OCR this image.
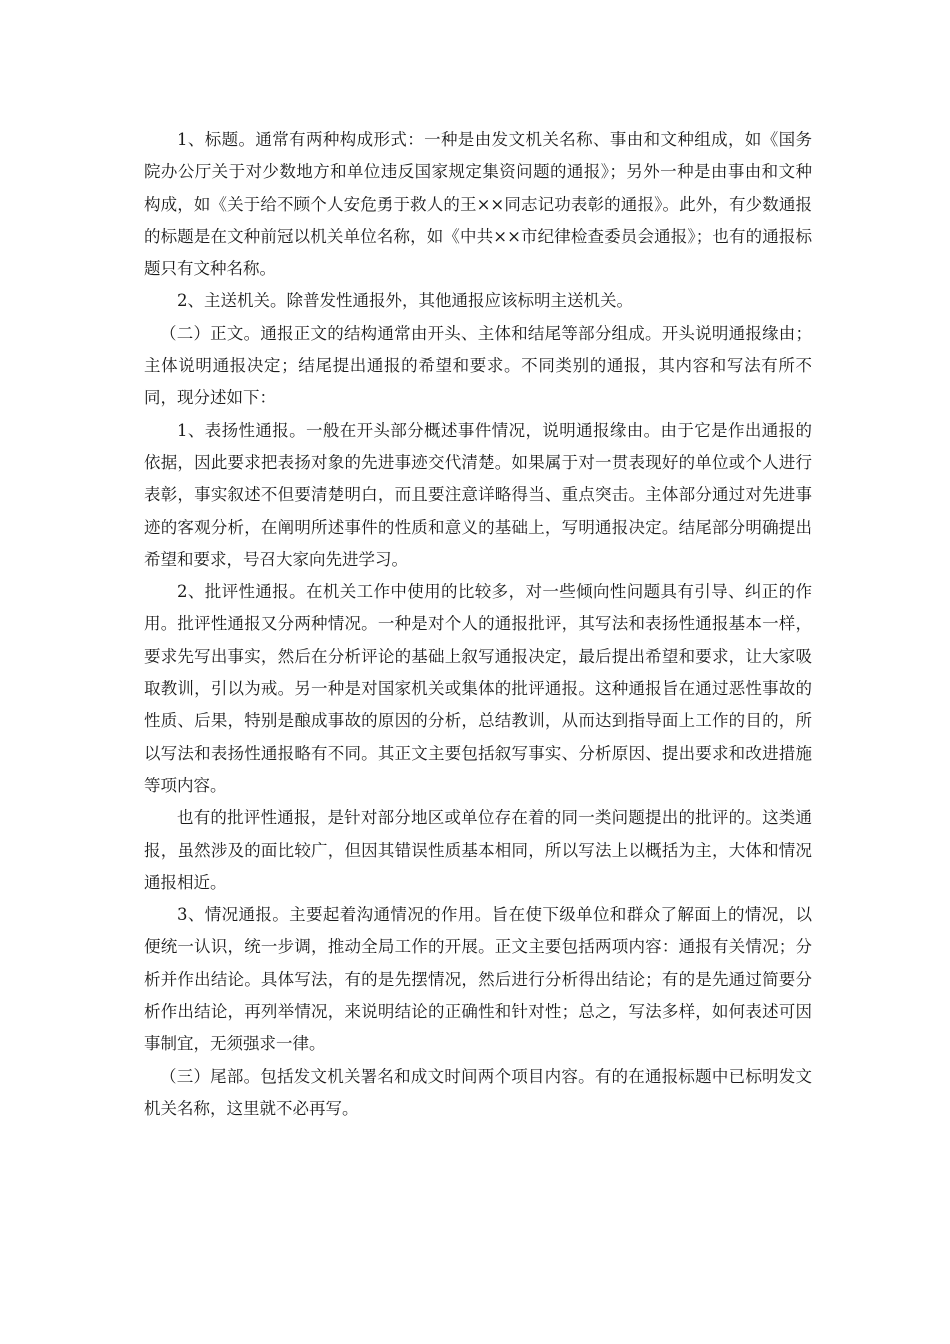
1、标题。通常有两种构成形式：一种是由发文机关名称、事由和文种组成，如《国务院办公厅关于对少数地方和单位违反国家规定集资问题的通报》；另外一种是由事由和文种构成，如《关于给不顾个人安危勇于救人的王××同志记功表彰的通报》。此外，有少数通报的标题是在文种前冠以机关单位名称，如《中共××市纪律检查委员会通报》；也有的通报标题只有文种名称。

2、主送机关。除普发性通报外，其他通报应该标明主送机关。

（二）正文。通报正文的结构通常由开头、主体和结尾等部分组成。开头说明通报缘由；主体说明通报决定；结尾提出通报的希望和要求。不同类别的通报，其内容和写法有所不同，现分述如下：

1、表扬性通报。一般在开头部分概述事件情况，说明通报缘由。由于它是作出通报的依据，因此要求把表扬对象的先进事迹交代清楚。如果属于对一贯表现好的单位或个人进行表彰，事实叙述不但要清楚明白，而且要注意详略得当、重点突击。主体部分通过对先进事迹的客观分析，在阐明所述事件的性质和意义的基础上，写明通报决定。结尾部分明确提出希望和要求，号召大家向先进学习。

2、批评性通报。在机关工作中使用的比较多，对一些倾向性问题具有引导、纠正的作用。批评性通报又分两种情况。一种是对个人的通报批评，其写法和表扬性通报基本一样，要求先写出事实，然后在分析评论的基础上叙写通报决定，最后提出希望和要求，让大家吸取教训，引以为戒。另一种是对国家机关或集体的批评通报。这种通报旨在通过恶性事故的性质、后果，特别是酿成事故的原因的分析，总结教训，从而达到指导面上工作的目的，所以写法和表扬性通报略有不同。其正文主要包括叙写事实、分析原因、提出要求和改进措施等项内容。

也有的批评性通报，是针对部分地区或单位存在着的同一类问题提出的批评的。这类通报，虽然涉及的面比较广，但因其错误性质基本相同，所以写法上以概括为主，大体和情况通报相近。

3、情况通报。主要起着沟通情况的作用。旨在使下级单位和群众了解面上的情况，以便统一认识，统一步调，推动全局工作的开展。正文主要包括两项内容：通报有关情况；分析并作出结论。具体写法，有的是先摆情况，然后进行分析得出结论；有的是先通过简要分析作出结论，再列举情况，来说明结论的正确性和针对性；总之，写法多样，如何表述可因事制宜，无须强求一律。

（三）尾部。包括发文机关署名和成文时间两个项目内容。有的在通报标题中已标明发文机关名称，这里就不必再写。
